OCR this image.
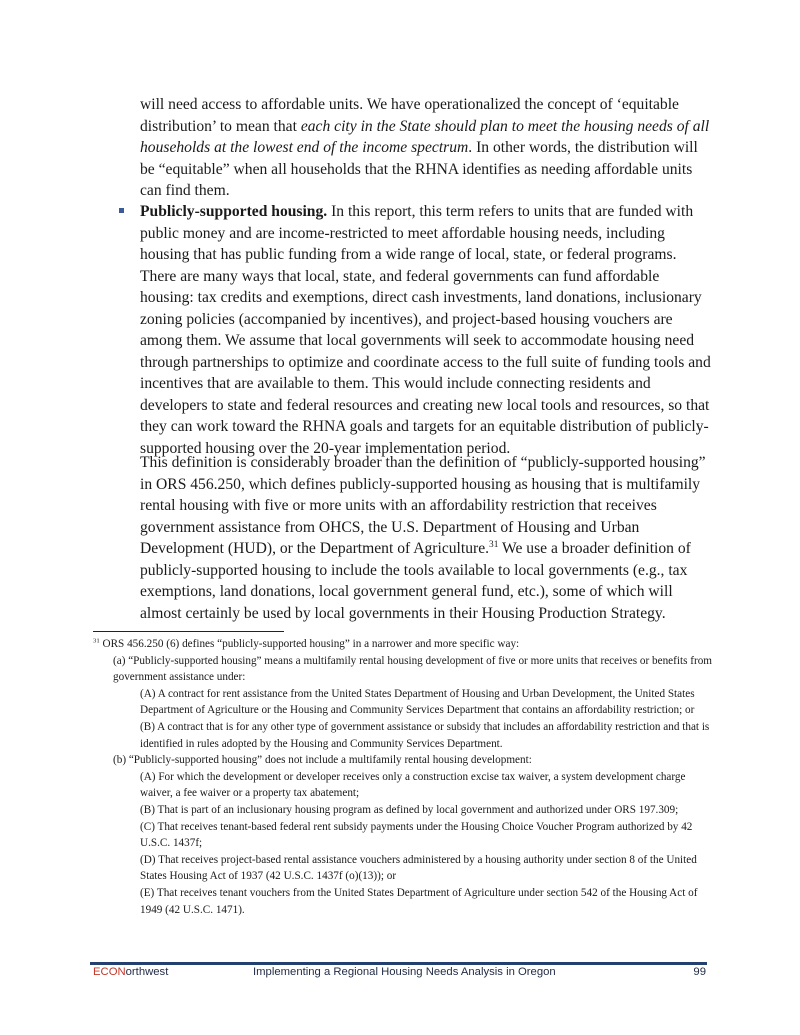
will need access to affordable units. We have operationalized the concept of ‘equitable distribution’ to mean that each city in the State should plan to meet the housing needs of all households at the lowest end of the income spectrum. In other words, the distribution will be “equitable” when all households that the RHNA identifies as needing affordable units can find them.
Publicly-supported housing. In this report, this term refers to units that are funded with public money and are income-restricted to meet affordable housing needs, including housing that has public funding from a wide range of local, state, or federal programs. There are many ways that local, state, and federal governments can fund affordable housing: tax credits and exemptions, direct cash investments, land donations, inclusionary zoning policies (accompanied by incentives), and project-based housing vouchers are among them. We assume that local governments will seek to accommodate housing need through partnerships to optimize and coordinate access to the full suite of funding tools and incentives that are available to them. This would include connecting residents and developers to state and federal resources and creating new local tools and resources, so that they can work toward the RHNA goals and targets for an equitable distribution of publicly-supported housing over the 20-year implementation period.
This definition is considerably broader than the definition of “publicly-supported housing” in ORS 456.250, which defines publicly-supported housing as housing that is multifamily rental housing with five or more units with an affordability restriction that receives government assistance from OHCS, the U.S. Department of Housing and Urban Development (HUD), or the Department of Agriculture.$^{31}$ We use a broader definition of publicly-supported housing to include the tools available to local governments (e.g., tax exemptions, land donations, local government general fund, etc.), some of which will almost certainly be used by local governments in their Housing Production Strategy.
$^{31}$ ORS 456.250 (6) defines “publicly-supported housing” in a narrower and more specific way:
(a) “Publicly-supported housing” means a multifamily rental housing development of five or more units that receives or benefits from government assistance under:
(A) A contract for rent assistance from the United States Department of Housing and Urban Development, the United States Department of Agriculture or the Housing and Community Services Department that contains an affordability restriction; or
(B) A contract that is for any other type of government assistance or subsidy that includes an affordability restriction and that is identified in rules adopted by the Housing and Community Services Department.
(b) “Publicly-supported housing” does not include a multifamily rental housing development:
(A) For which the development or developer receives only a construction excise tax waiver, a system development charge waiver, a fee waiver or a property tax abatement;
(B) That is part of an inclusionary housing program as defined by local government and authorized under ORS 197.309;
(C) That receives tenant-based federal rent subsidy payments under the Housing Choice Voucher Program authorized by 42 U.S.C. 1437f;
(D) That receives project-based rental assistance vouchers administered by a housing authority under section 8 of the United States Housing Act of 1937 (42 U.S.C. 1437f (o)(13)); or
(E) That receives tenant vouchers from the United States Department of Agriculture under section 542 of the Housing Act of 1949 (42 U.S.C. 1471).
ECONorthwest	Implementing a Regional Housing Needs Analysis in Oregon	99
